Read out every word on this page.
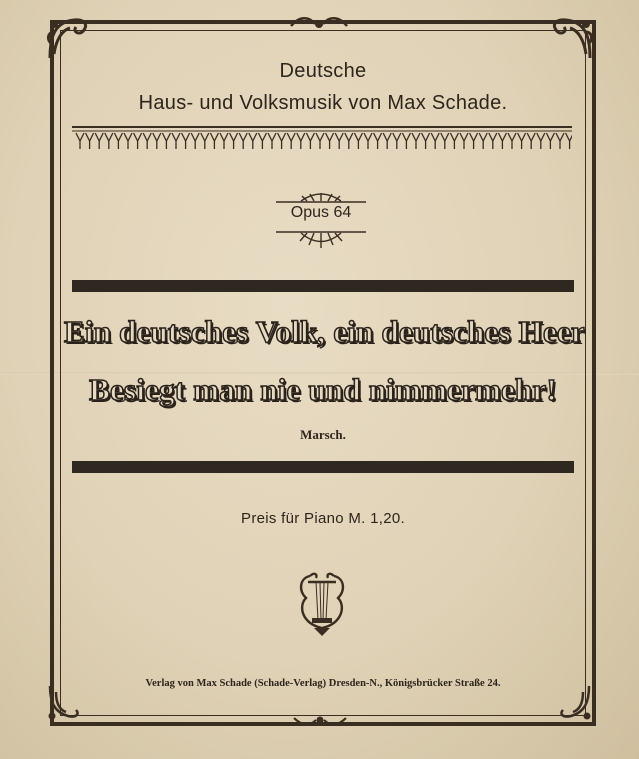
Deutsche
Haus- und Volksmusik von Max Schade.
Opus 64
Ein deutsches Volk, ein deutsches Heer
Besiegt man nie und nimmermehr!
Marsch.
Preis für Piano M. 1,20.
Verlag von Max Schade (Schade-Verlag) Dresden-N., Königsbrücker Straße 24.
